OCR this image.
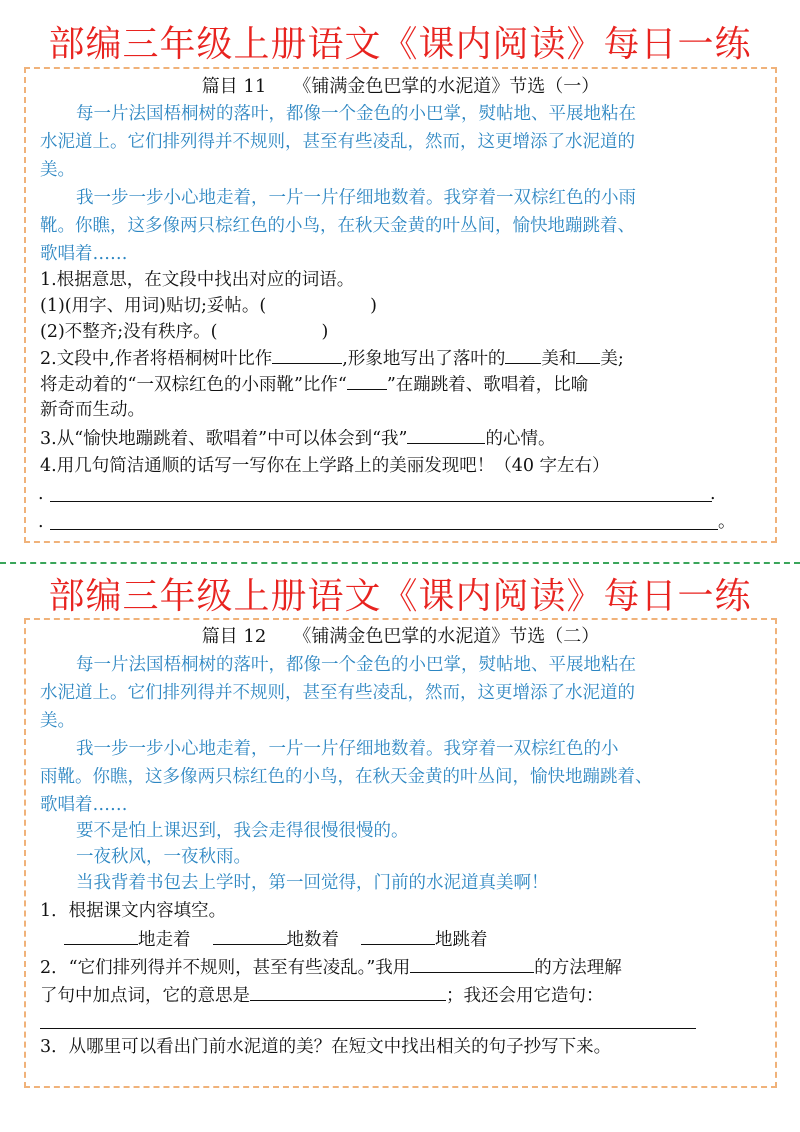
部编三年级上册语文《课内阅读》每日一练
篇目 11　　《铺满金色巴掌的水泥道》节选（一）
每一片法国梧桐树的落叶，都像一个金色的小巴掌，熨帖地、平展地粘在
水泥道上。它们排列得并不规则，甚至有些凌乱，然而，这更增添了水泥道的
美。
我一步一步小心地走着，一片一片仔细地数着。我穿着一双棕红色的小雨
靴。你瞧，这多像两只棕红色的小鸟，在秋天金黄的叶丛间，愉快地蹦跳着、
歌唱着……
1.根据意思，在文段中找出对应的词语。
(1)(用字、用词)贴切;妥帖。(	)
(2)不整齐;没有秩序。(	)
2.文段中,作者将梧桐树叶比作	,形象地写出了落叶的 美和 美;
将走动着的“一双棕红色的小雨靴”比作“ ”在蹦跳着、歌唱着，比喻
新奇而生动。
3.从“愉快地蹦跳着、歌唱着”中可以体会到“我”	的心情。
4.用几句简洁通顺的话写一写你在上学路上的美丽发现吧！（40 字左右）
.	.
.	。
部编三年级上册语文《课内阅读》每日一练
篇目 12　　《铺满金色巴掌的水泥道》节选（二）
每一片法国梧桐树的落叶，都像一个金色的小巴掌，熨帖地、平展地粘在
水泥道上。它们排列得并不规则，甚至有些凌乱，然而，这更增添了水泥道的
美。
我一步一步小心地走着，一片一片仔细地数着。我穿着一双棕红色的小
雨靴。你瞧，这多像两只棕红色的小鸟，在秋天金黄的叶丛间，愉快地蹦跳着、
歌唱着……
要不是怕上课迟到，我会走得很慢很慢的。
一夜秋风，一夜秋雨。
当我背着书包去上学时，第一回觉得，门前的水泥道真美啊！
1．根据课文内容填空。
地走着	地数着	地跳着
2．“它们排列得并不规则，甚至有些凌乱。”我用	的方法理解
了句中加点词，它的意思是	；我还会用它造句：
3．从哪里可以看出门前水泥道的美？在短文中找出相关的句子抄写下来。
